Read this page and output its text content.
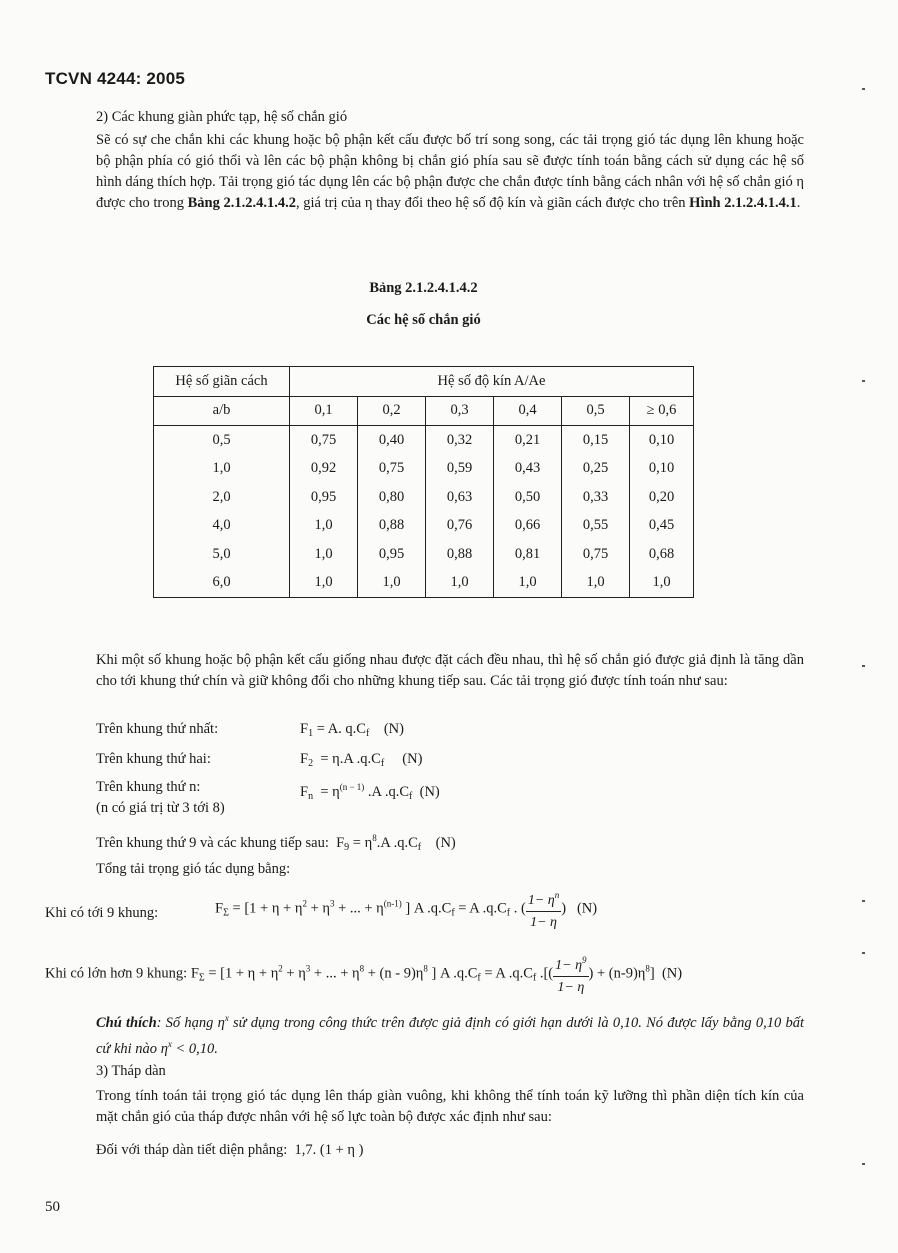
TCVN 4244: 2005
2) Các khung giàn phức tạp, hệ số chắn gió
Sẽ có sự che chắn khi các khung hoặc bộ phận kết cấu được bố trí song song, các tải trọng gió tác dụng lên khung hoặc bộ phận phía có gió thổi và lên các bộ phận không bị chắn gió phía sau sẽ được tính toán bằng cách sử dụng các hệ số hình dáng thích hợp. Tải trọng gió tác dụng lên các bộ phận được che chắn được tính bằng cách nhân với hệ số chắn gió η được cho trong Bảng 2.1.2.4.1.4.2, giá trị của η thay đổi theo hệ số độ kín và giãn cách được cho trên Hình 2.1.2.4.1.4.1.
Bảng 2.1.2.4.1.4.2
Các hệ số chắn gió
Hệ số giãn cách	Hệ số độ kín A/Ae					
a/b	0,1	0,2	0,3	0,4	0,5	≥ 0,6
0,5	0,75	0,40	0,32	0,21	0,15	0,10
1,0	0,92	0,75	0,59	0,43	0,25	0,10
2,0	0,95	0,80	0,63	0,50	0,33	0,20
4,0	1,0	0,88	0,76	0,66	0,55	0,45
5,0	1,0	0,95	0,88	0,81	0,75	0,68
6,0	1,0	1,0	1,0	1,0	1,0	1,0
Khi một số khung hoặc bộ phận kết cấu giống nhau được đặt cách đều nhau, thì hệ số chắn gió được giả định là tăng dần cho tới khung thứ chín và giữ không đổi cho những khung tiếp sau. Các tải trọng gió được tính toán như sau:
Trên khung thứ nhất:	$F_1 = A$. $q.C_f$ (N)
Trên khung thứ hai:	$F_2 = \eta.A$ $.q.C_f$ (N)
Trên khung thứ n:	$F_n = \eta^{(n - 1)}$ .A $.q.C_f$ (N)
(n có giá trị từ 3 tới 8)
Trên khung thứ 9 và các khung tiếp sau:  $F_9 = \eta^8.A$ $.q.C_f$ (N)
Tổng tải trọng gió tác dụng bằng:
Khi có tới 9 khung:	$F_\Sigma = [1 + \eta + \eta^2 + \eta^3$ + ... + $\eta^{(n-1)}$ ] A $.q.C_f = A$ $.q.C_f$ . ( $\frac{1- \eta^n}{1- \eta}$ )   (N)
Khi có lớn hơn 9 khung: $F_\Sigma = [1 + \eta + \eta^2 + \eta^3$ + ... + $\eta^8 + (n - 9)\eta^8$ ] A $.q.C_f = A$ $.q.C_f$ .[( $\frac{1- \eta^9}{1- \eta}$ ) + $(n-9)\eta^8$]  (N)
Chú thích: Số hạng $\eta^x$ sử dụng trong công thức trên được giả định có giới hạn dưới là 0,10. Nó được lấy bằng 0,10 bất cứ khi nào $\eta^x < 0,10$.
3) Tháp dàn
Trong tính toán tải trọng gió tác dụng lên tháp giàn vuông, khi không thể tính toán kỹ lưỡng thì phần diện tích kín của mặt chắn gió của tháp được nhân với hệ số lực toàn bộ được xác định như sau:
Đối với tháp dàn tiết diện phẳng: 1,7. (1 + η )
50
